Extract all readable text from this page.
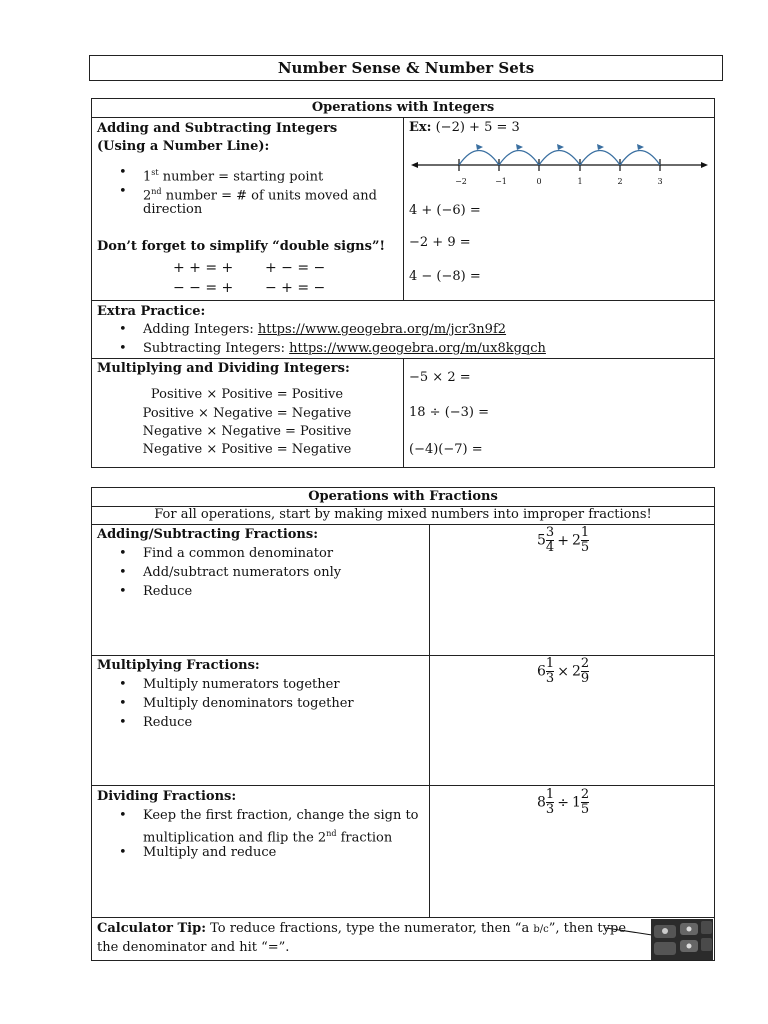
Number Sense & Number Sets
Operations with Integers
Adding and Subtracting Integers
(Using a Number Line):
1st number = starting point
2nd number = # of units moved and
direction
Don’t forget to simplify “double signs”!
+ + = + + − = −
− − = + − + = −
Ex: (−2) + 5 = 3
−2	−1	0	1	2	3
4 + (−6) =
−2 + 9 =
4 − (−8) =
Extra Practice:
Adding Integers: https://www.geogebra.org/m/jcr3n9f2
Subtracting Integers: https://www.geogebra.org/m/ux8kgqch
Multiplying and Dividing Integers:
Positive × Positive = Positive
Positive × Negative = Negative
Negative × Negative = Positive
Negative × Positive = Negative
−5 × 2 =
18 ÷ (−3) =
(−4)(−7) =
Operations with Fractions
For all operations, start by making mixed numbers into improper fractions!
Adding/Subtracting Fractions:
Find a common denominator
Add/subtract numerators only
Reduce
$5 \frac{3}{4} + 2 \frac{1}{5}$
Multiplying Fractions:
Multiply numerators together
Multiply denominators together
Reduce
$6 \frac{1}{3} \times 2 \frac{2}{9}$
Dividing Fractions:
Keep the first fraction, change the sign to
multiplication and flip the 2nd fraction
Multiply and reduce
$8 \frac{1}{3} \div 1 \frac{2}{5}$
Calculator Tip: To reduce fractions, type the numerator, then “a b/c”, then type
the denominator and hit “=”.
